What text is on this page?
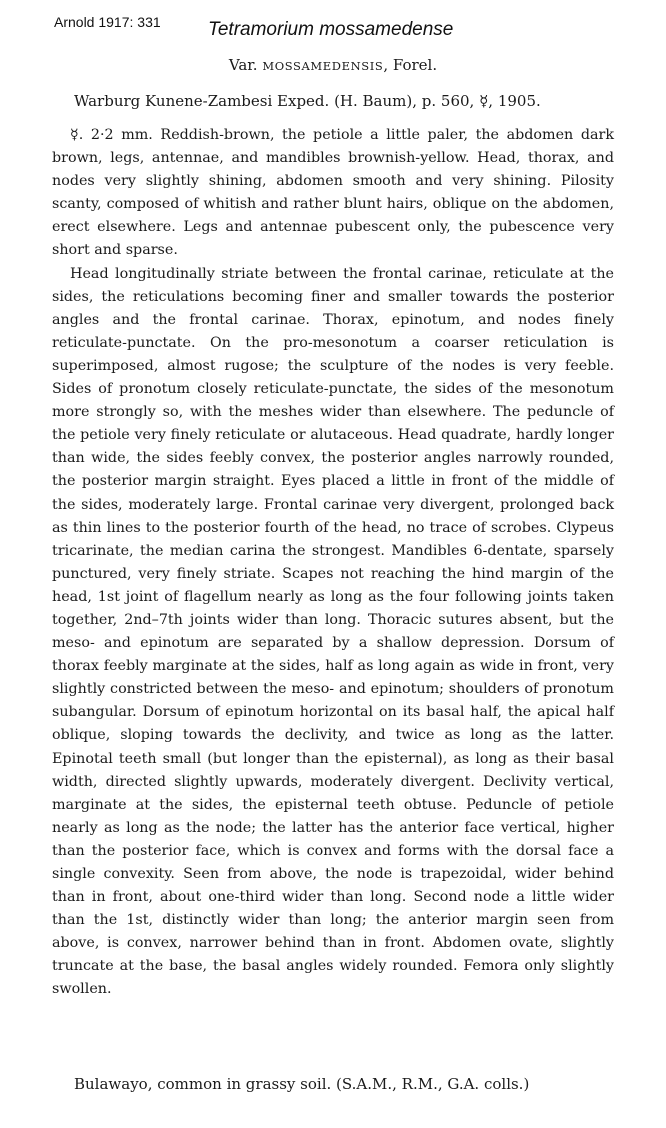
Arnold 1917: 331 Tetramorium mossamedense
Var. MOSSAMEDENSIS, Forel.
Warburg Kunene-Zambesi Exped. (H. Baum), p. 560, ☿, 1905.

☿. 2·2 mm. Reddish-brown, the petiole a little paler, the abdomen dark brown, legs, antennae, and mandibles brownish-yellow. Head, thorax, and nodes very slightly shining, abdomen smooth and very shining. Pilosity scanty, composed of whitish and rather blunt hairs, oblique on the abdomen, erect elsewhere. Legs and antennae pubescent only, the pubescence very short and sparse.

Head longitudinally striate between the frontal carinae, reticulate at the sides, the reticulations becoming finer and smaller towards the posterior angles and the frontal carinae. Thorax, epinotum, and nodes finely reticulate-punctate. On the pro-mesonotum a coarser reticulation is superimposed, almost rugose; the sculpture of the nodes is very feeble. Sides of pronotum closely reticulate-punctate, the sides of the mesonotum more strongly so, with the meshes wider than elsewhere. The peduncle of the petiole very finely reticulate or alutaceous. Head quadrate, hardly longer than wide, the sides feebly convex, the posterior angles narrowly rounded, the posterior margin straight. Eyes placed a little in front of the middle of the sides, moderately large. Frontal carinae very divergent, prolonged back as thin lines to the posterior fourth of the head, no trace of scrobes. Clypeus tricarinate, the median carina the strongest. Mandibles 6-dentate, sparsely punctured, very finely striate. Scapes not reaching the hind margin of the head, 1st joint of flagellum nearly as long as the four following joints taken together, 2nd–7th joints wider than long. Thoracic sutures absent, but the meso- and epinotum are separated by a shallow depression. Dorsum of thorax feebly marginate at the sides, half as long again as wide in front, very slightly constricted between the meso- and epinotum; shoulders of pronotum subangular. Dorsum of epinotum horizontal on its basal half, the apical half oblique, sloping towards the declivity, and twice as long as the latter. Epinotal teeth small (but longer than the episternal), as long as their basal width, directed slightly upwards, moderately divergent. Declivity vertical, marginate at the sides, the episternal teeth obtuse. Peduncle of petiole nearly as long as the node; the latter has the anterior face vertical, higher than the posterior face, which is convex and forms with the dorsal face a single convexity. Seen from above, the node is trapezoidal, wider behind than in front, about one-third wider than long. Second node a little wider than the 1st, distinctly wider than long; the anterior margin seen from above, is convex, narrower behind than in front. Abdomen ovate, slightly truncate at the base, the basal angles widely rounded. Femora only slightly swollen.

Bulawayo, common in grassy soil. (S.A.M., R.M., G.A. colls.)
